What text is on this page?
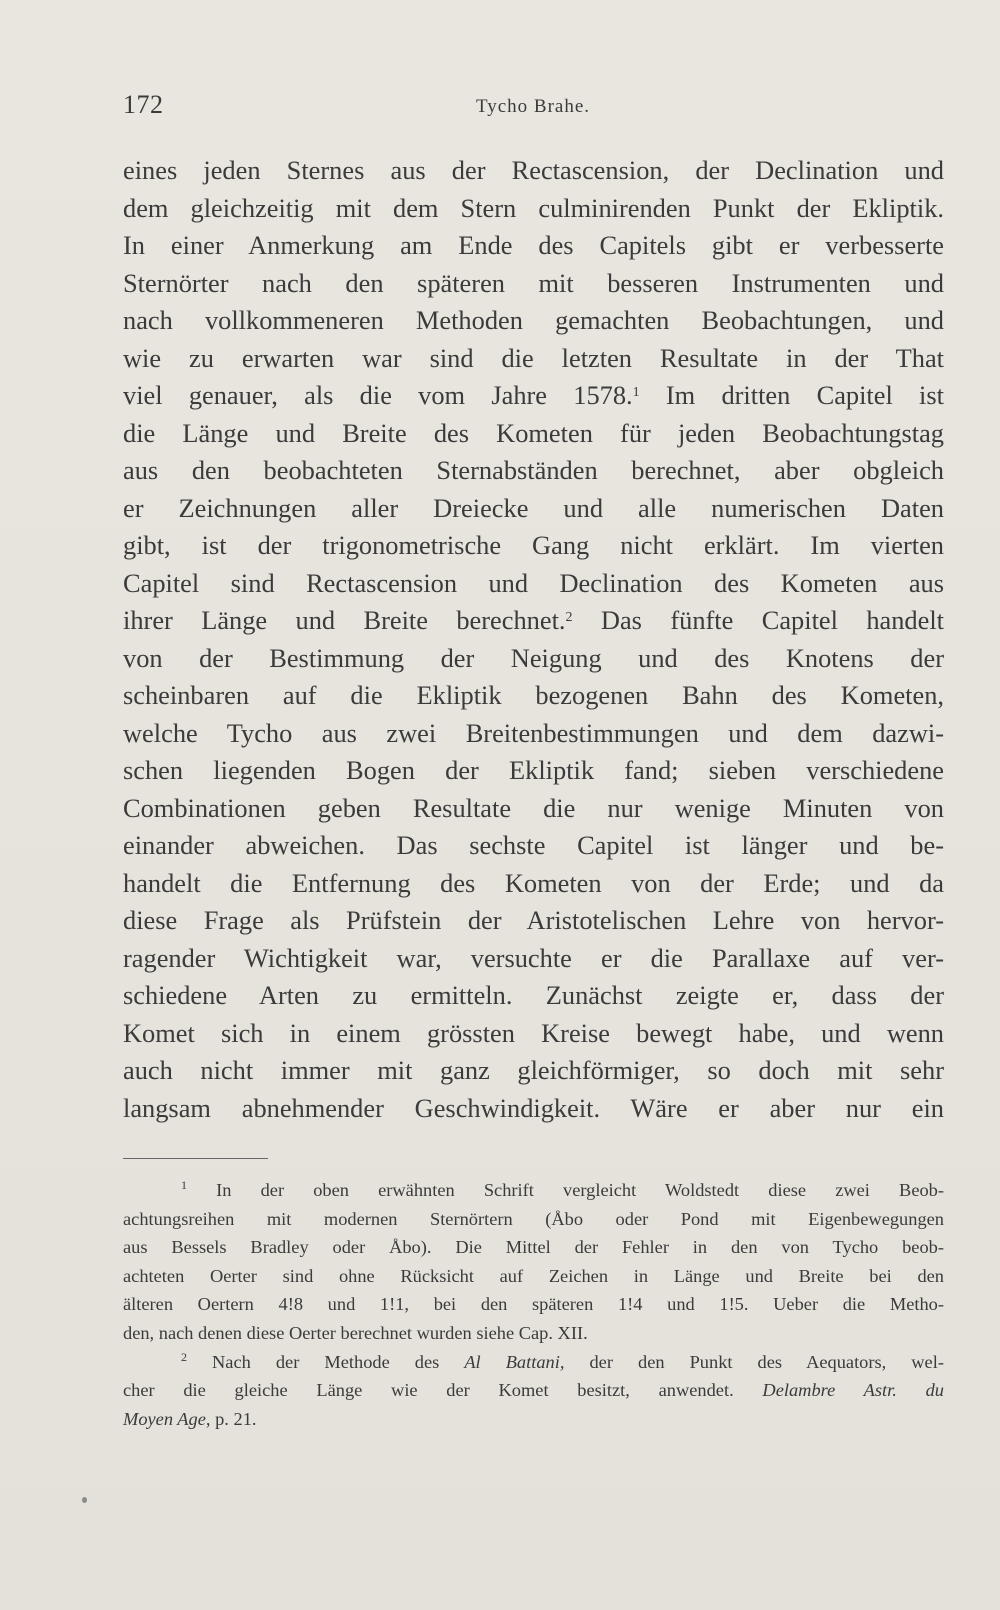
172	Tycho Brahe.
eines jeden Sternes aus der Rectascension, der Declination und
dem gleichzeitig mit dem Stern culminirenden Punkt der Ekliptik.
In einer Anmerkung am Ende des Capitels gibt er verbesserte
Sternörter nach den späteren mit besseren Instrumenten und
nach vollkommeneren Methoden gemachten Beobachtungen, und
wie zu erwarten war sind die letzten Resultate in der That
viel genauer, als die vom Jahre 1578.$^1$ Im dritten Capitel ist
die Länge und Breite des Kometen für jeden Beobachtungstag
aus den beobachteten Sternabständen berechnet, aber obgleich
er Zeichnungen aller Dreiecke und alle numerischen Daten
gibt, ist der trigonometrische Gang nicht erklärt. Im vierten
Capitel sind Rectascension und Declination des Kometen aus
ihrer Länge und Breite berechnet.$^2$ Das fünfte Capitel handelt
von der Bestimmung der Neigung und des Knotens der
scheinbaren auf die Ekliptik bezogenen Bahn des Kometen,
welche Tycho aus zwei Breitenbestimmungen und dem dazwi-
schen liegenden Bogen der Ekliptik fand; sieben verschiedene
Combinationen geben Resultate die nur wenige Minuten von
einander abweichen. Das sechste Capitel ist länger und be-
handelt die Entfernung des Kometen von der Erde; und da
diese Frage als Prüfstein der Aristotelischen Lehre von hervor-
ragender Wichtigkeit war, versuchte er die Parallaxe auf ver-
schiedene Arten zu ermitteln. Zunächst zeigte er, dass der
Komet sich in einem grössten Kreise bewegt habe, und wenn
auch nicht immer mit ganz gleichförmiger, so doch mit sehr
langsam abnehmender Geschwindigkeit. Wäre er aber nur ein
$^1$ In der oben erwähnten Schrift vergleicht Woldstedt diese zwei Beob-
achtungsreihen mit modernen Sternörtern (Åbo oder Pond mit Eigenbewegungen
aus Bessels Bradley oder Åbo). Die Mittel der Fehler in den von Tycho beob-
achteten Oerter sind ohne Rücksicht auf Zeichen in Länge und Breite bei den
älteren Oertern 4!8 und 1!1, bei den späteren 1!4 und 1!5. Ueber die Metho-
den, nach denen diese Oerter berechnet wurden siehe Cap. XII.
$^2$ Nach der Methode des Al Battani, der den Punkt des Aequators, wel-
cher die gleiche Länge wie der Komet besitzt, anwendet. Delambre Astr. du
Moyen Age, p. 21.
